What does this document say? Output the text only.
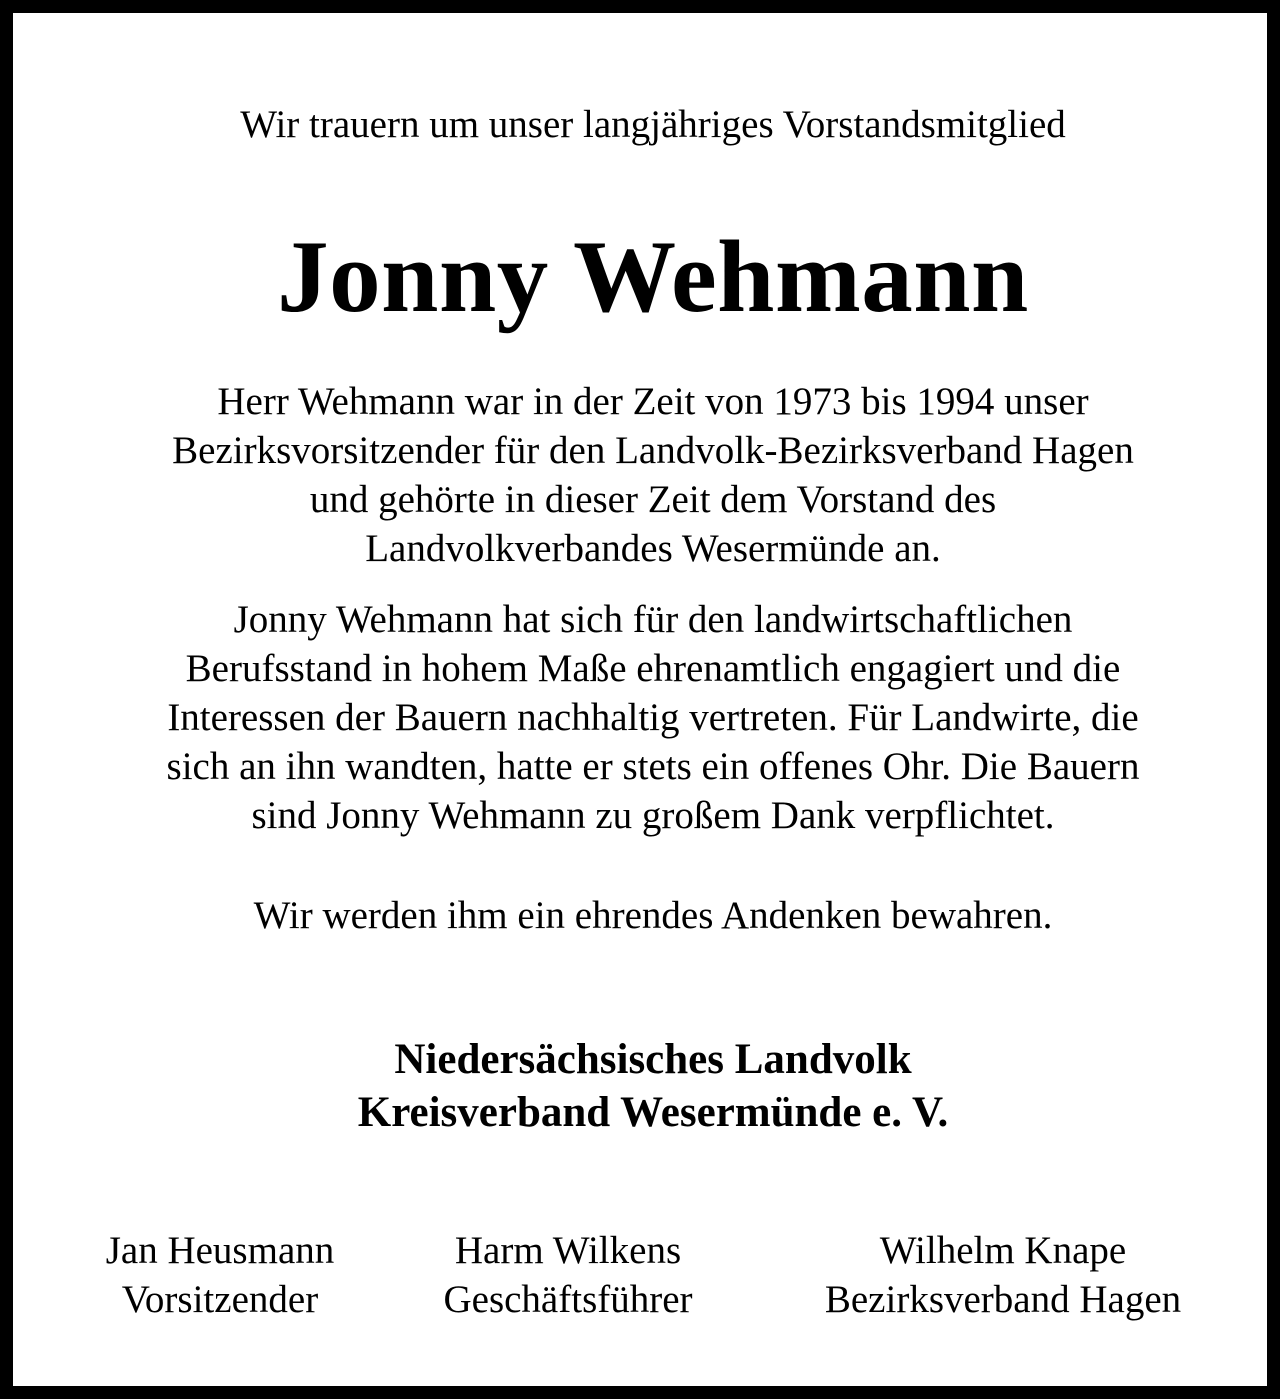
Wir trauern um unser langjähriges Vorstandsmitglied
Jonny Wehmann
Herr Wehmann war in der Zeit von 1973 bis 1994 unser
Bezirksvorsitzender für den Landvolk-Bezirksverband Hagen
und gehörte in dieser Zeit dem Vorstand des
Landvolkverbandes Wesermünde an.
Jonny Wehmann hat sich für den landwirtschaftlichen
Berufsstand in hohem Maße ehrenamtlich engagiert und die
Interessen der Bauern nachhaltig vertreten. Für Landwirte, die
sich an ihn wandten, hatte er stets ein offenes Ohr. Die Bauern
sind Jonny Wehmann zu großem Dank verpflichtet.
Wir werden ihm ein ehrendes Andenken bewahren.
Niedersächsisches Landvolk
Kreisverband Wesermünde e. V.
Jan Heusmann
Vorsitzender
Harm Wilkens
Geschäftsführer
Wilhelm Knape
Bezirksverband Hagen
